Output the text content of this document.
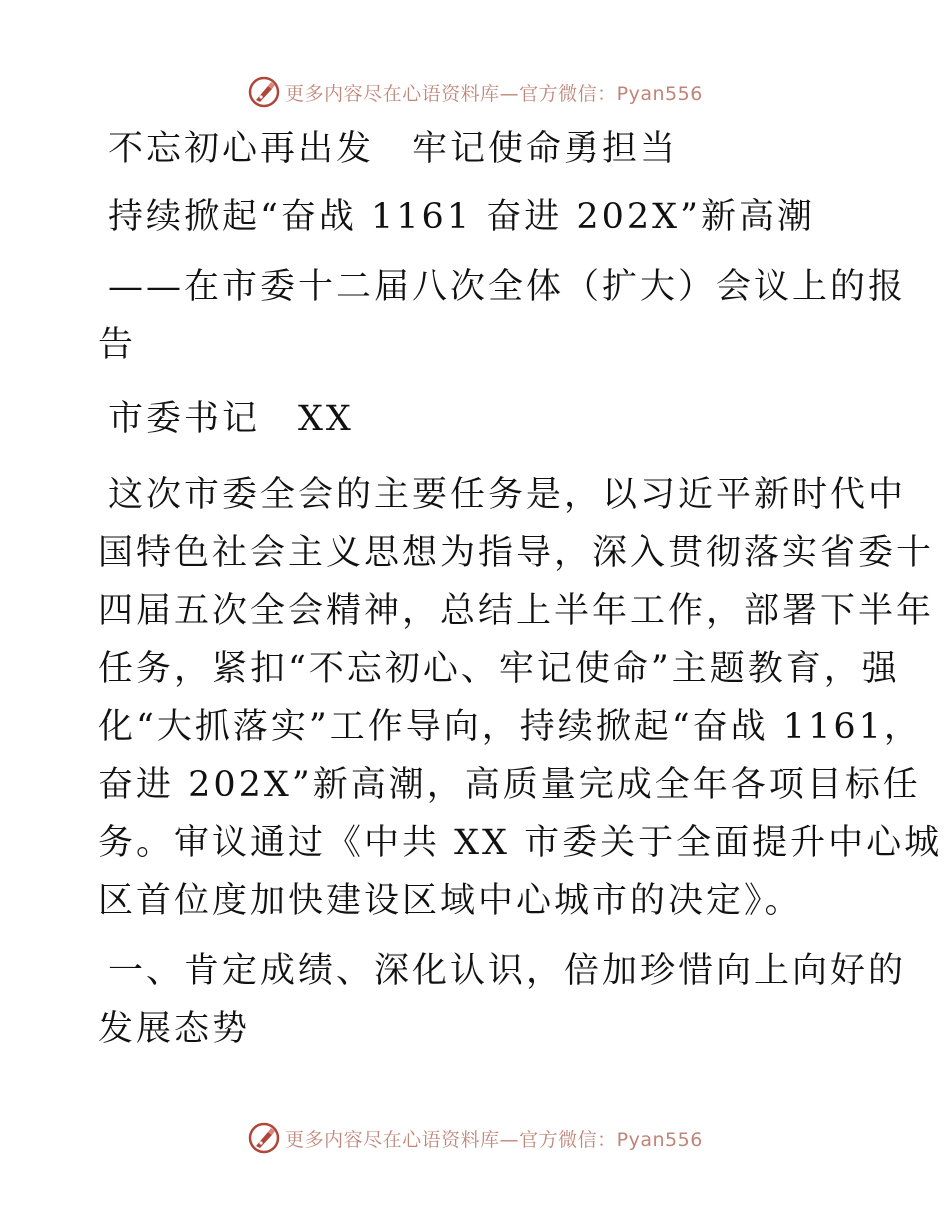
更多内容尽在心语资料库—官方微信：Pyan556

不忘初心再出发　牢记使命勇担当

持续掀起“奋战 1161 奋进 202X”新高潮

——在市委十二届八次全体（扩大）会议上的报
告

市委书记　XX

这次市委全会的主要任务是，以习近平新时代中
国特色社会主义思想为指导，深入贯彻落实省委十
四届五次全会精神，总结上半年工作，部署下半年
任务，紧扣“不忘初心、牢记使命”主题教育，强
化“大抓落实”工作导向，持续掀起“奋战 1161，
奋进 202X”新高潮，高质量完成全年各项目标任
务。审议通过《中共 XX 市委关于全面提升中心城
区首位度加快建设区域中心城市的决定》。
一、肯定成绩、深化认识，倍加珍惜向上向好的
发展态势
更多内容尽在心语资料库—官方微信：Pyan556
